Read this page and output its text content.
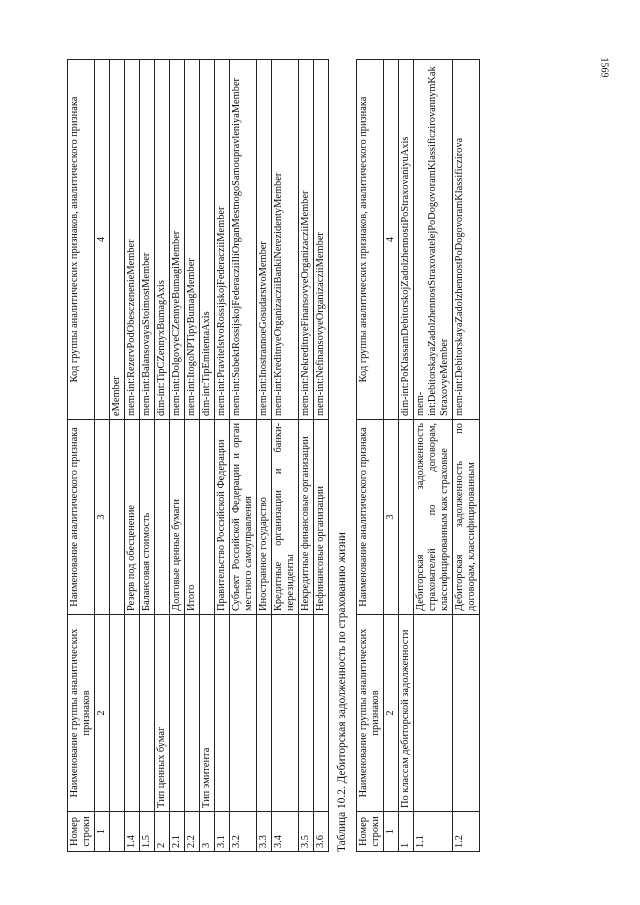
1569
Номер строки	Наименование группы аналитических признаков	Наименование аналитического признака	Код группы аналитических признаков, аналитического признака
1	2	3	4
			eMember
1.4		Резерв под обесценение	mem-int:RezervPodObesczeneniеMember
1.5		Балансовая стоимость	mem-int:BalansovayaStoimostMember
2	Тип ценных бумаг		dim-int:TipCZennyxBumagAxis
2.1		Долговые ценные бумаги	mem-int:DolgovyeCZennyeBumagiMember
2.2		Итого	mem-int:ItogoNPTipyBumagMember
3	Тип эмитента		dim-int:TipEmitentaAxis
3.1		Правительство Российской Федерации	mem-int:PravitelstvoRossijskojFederacziiMember
3.2		Субъект Российской Федерации и орган местного самоуправления	mem-int:SubektRossijskojFederacziiIliOrganMestnogoSamoupravleniyaMember
3.3		Иностранное государство	mem-int:InostrannoeGosudarstvoMember
3.4		Кредитные организации и банки-нерезиденты	mem-int:KreditnyeOrganizacziiBankiNerezidentyMember
3.5		Некредитные финансовые организации	mem-int:NekreditnyeFinansovyeOrganizacziiMember
3.6		Нефинансовые организации	mem-int:NefinansovyeOrganizacziiMember
Таблица 10.2. Дебиторская задолженность по страхованию жизни Номер строки	Наименование группы аналитических признаков	Наименование аналитического признака	Код группы аналитических признаков, аналитического признака
1	2	3	4
1	По классам дебиторской задолженности		dim-int:PoKlassamDebitorskojZadolzhennostiPoStraxovaniyuAxis
1.1		Дебиторская задолженность страхователей по договорам, классифицированным как страховые	mem-int:DebitorskayaZadolzhennostStraxovatelejPoDogovoramKlassificzirovannymKakStraxovyeMember
1.2		Дебиторская задолженность по договорам, классифицированным	mem-int:DebitorskayaZadolzhennostPoDogovoramKlassificzirova
